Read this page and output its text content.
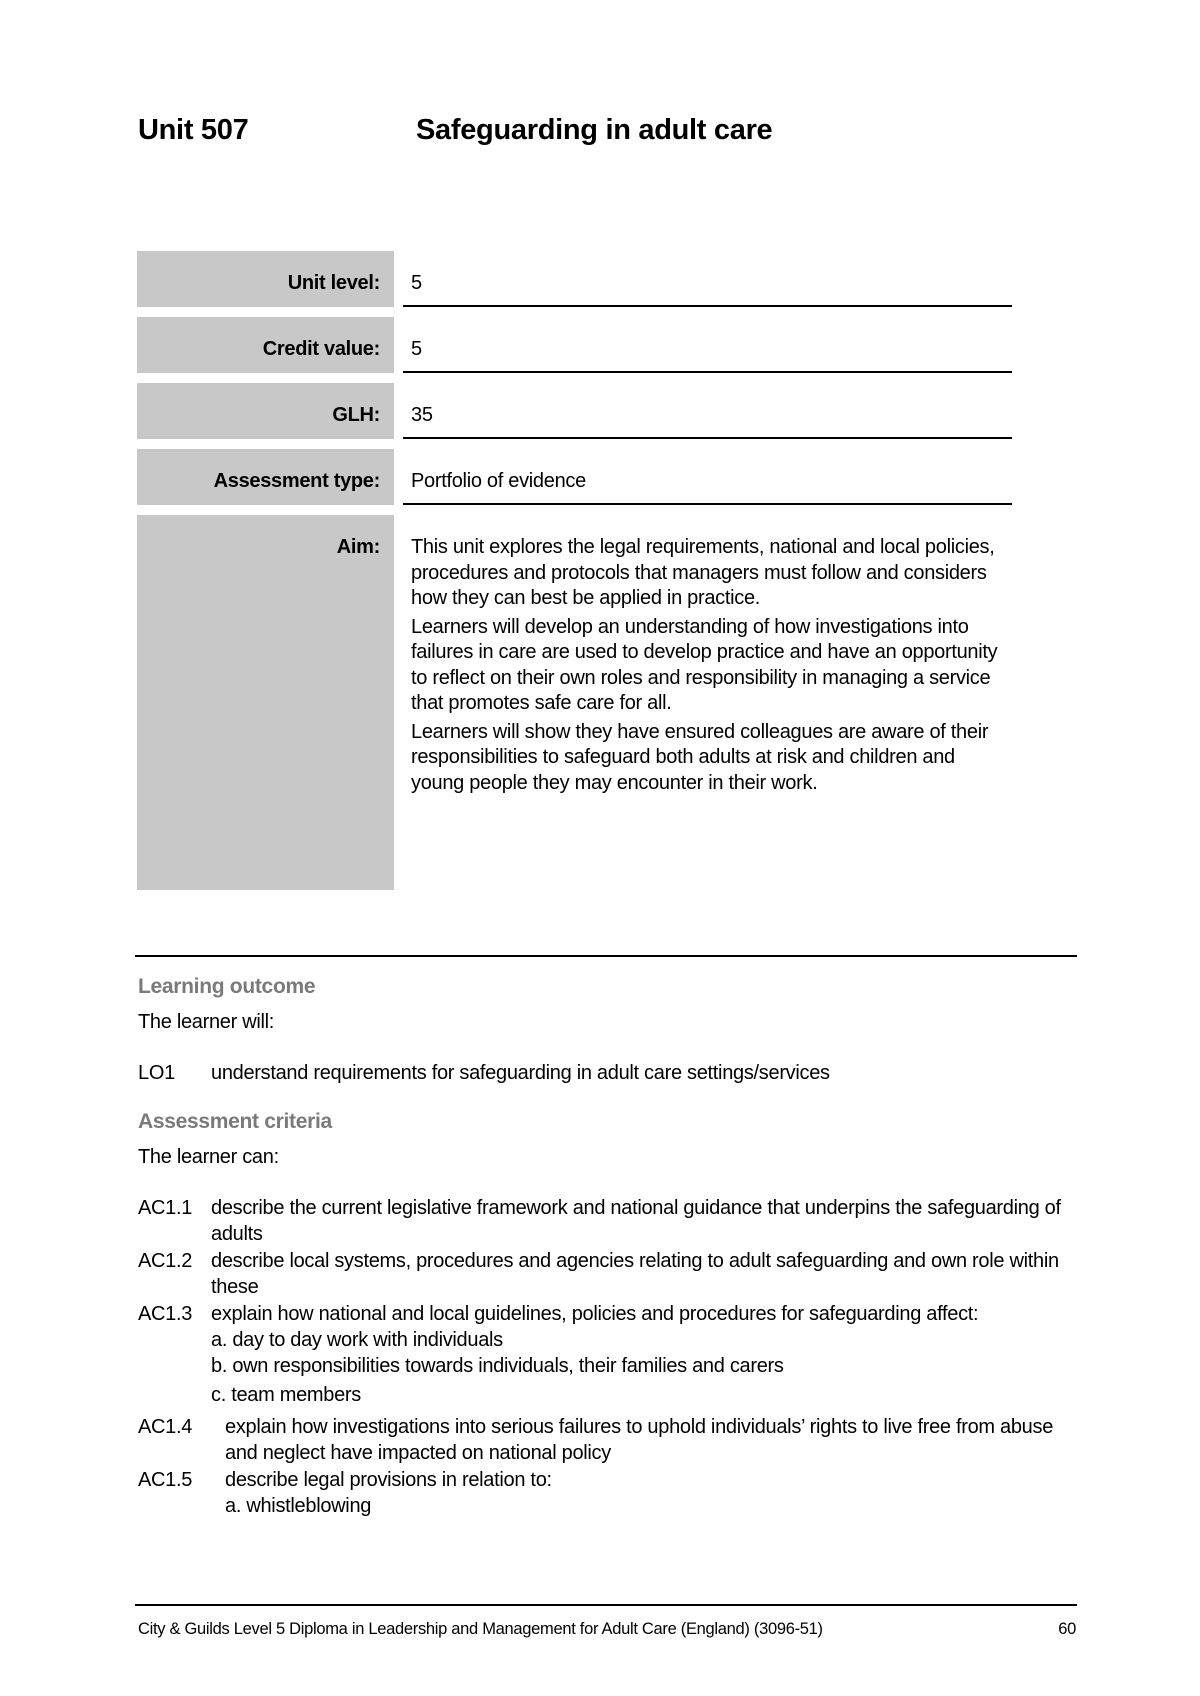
Unit 507	Safeguarding in adult care
Unit level:	5
Credit value:	5
GLH:	35
Assessment type:	Portfolio of evidence
Aim:	This unit explores the legal requirements, national and local policies, procedures and protocols that managers must follow and considers how they can best be applied in practice.

Learners will develop an understanding of how investigations into failures in care are used to develop practice and have an opportunity to reflect on their own roles and responsibility in managing a service that promotes safe care for all.

Learners will show they have ensured colleagues are aware of their responsibilities to safeguard both adults at risk and children and young people they may encounter in their work.

Learning outcome
The learner will:
LO1 understand requirements for safeguarding in adult care settings/services
Assessment criteria
The learner can:
AC1.1 describe the current legislative framework and national guidance that underpins the safeguarding of adults
AC1.2 describe local systems, procedures and agencies relating to adult safeguarding and own role within these
AC1.3 explain how national and local guidelines, policies and procedures for safeguarding affect:
a. day to day work with individuals
b. own responsibilities towards individuals, their families and carers
c. team members
AC1.4	explain how investigations into serious failures to uphold individuals’ rights to live free from abuse and neglect have impacted on national policy
AC1.5	describe legal provisions in relation to:
a. whistleblowing
City & Guilds Level 5 Diploma in Leadership and Management for Adult Care (England) (3096-51)	60
